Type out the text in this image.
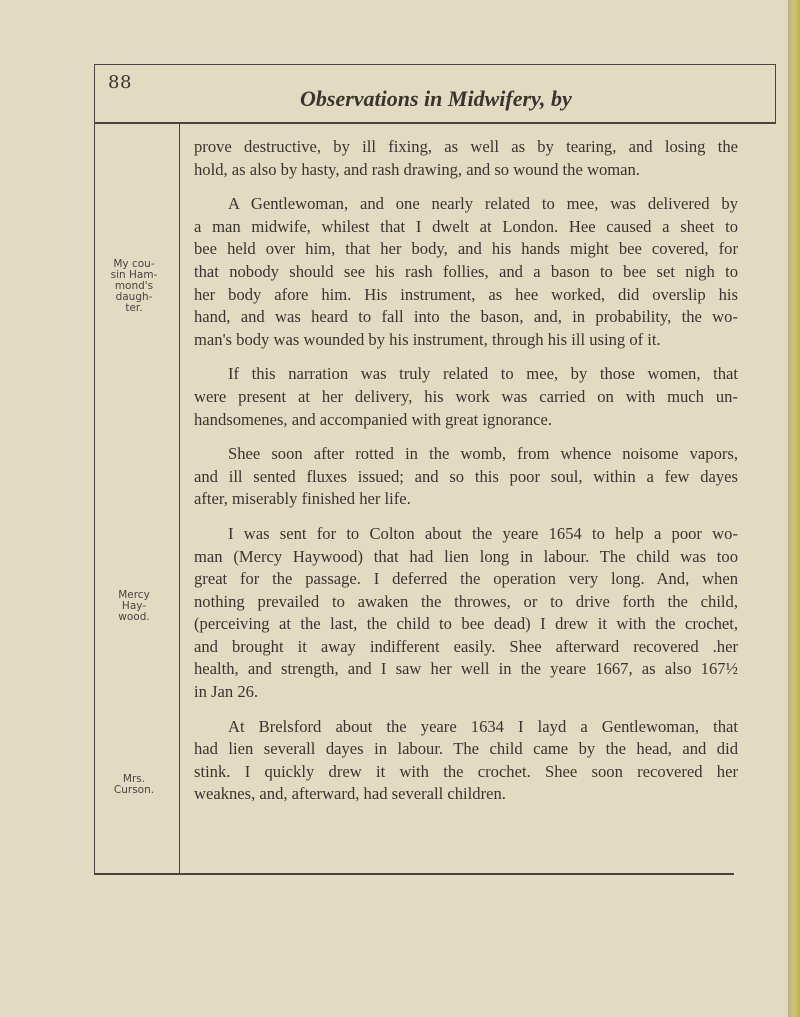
88
Observations in Midwifery, by
My cou-
sin Ham-
mond's
daugh-
ter.
Mercy
Hay-
wood.
Mrs.
Curson.
prove destructive, by ill fixing, as well as by tearing, and losing the
hold, as also by hasty, and rash drawing, and so wound the woman.
A Gentlewoman, and one nearly related to mee, was delivered by
a man midwife, whilest that I dwelt at London. Hee caused a sheet to
bee held over him, that her body, and his hands might bee covered, for
that nobody should see his rash follies, and a bason to bee set nigh to
her body afore him. His instrument, as hee worked, did overslip his
hand, and was heard to fall into the bason, and, in probability, the wo-
man's body was wounded by his instrument, through his ill using of it.
If this narration was truly related to mee, by those women, that
were present at her delivery, his work was carried on with much un-
handsomenes, and accompanied with great ignorance.
Shee soon after rotted in the womb, from whence noisome vapors,
and ill sented fluxes issued; and so this poor soul, within a few dayes
after, miserably finished her life.
I was sent for to Colton about the yeare 1654 to help a poor wo-
man (Mercy Haywood) that had lien long in labour. The child was too
great for the passage. I deferred the operation very long. And, when
nothing prevailed to awaken the throwes, or to drive forth the child,
(perceiving at the last, the child to bee dead) I drew it with the crochet,
and brought it away indifferent easily. Shee afterward recovered .her
health, and strength, and I saw her well in the yeare 1667, as also 167½
in Jan 26.
At Brelsford about the yeare 1634 I layd a Gentlewoman, that
had lien severall dayes in labour. The child came by the head, and did
stink. I quickly drew it with the crochet. Shee soon recovered her
weaknes, and, afterward, had severall children.
